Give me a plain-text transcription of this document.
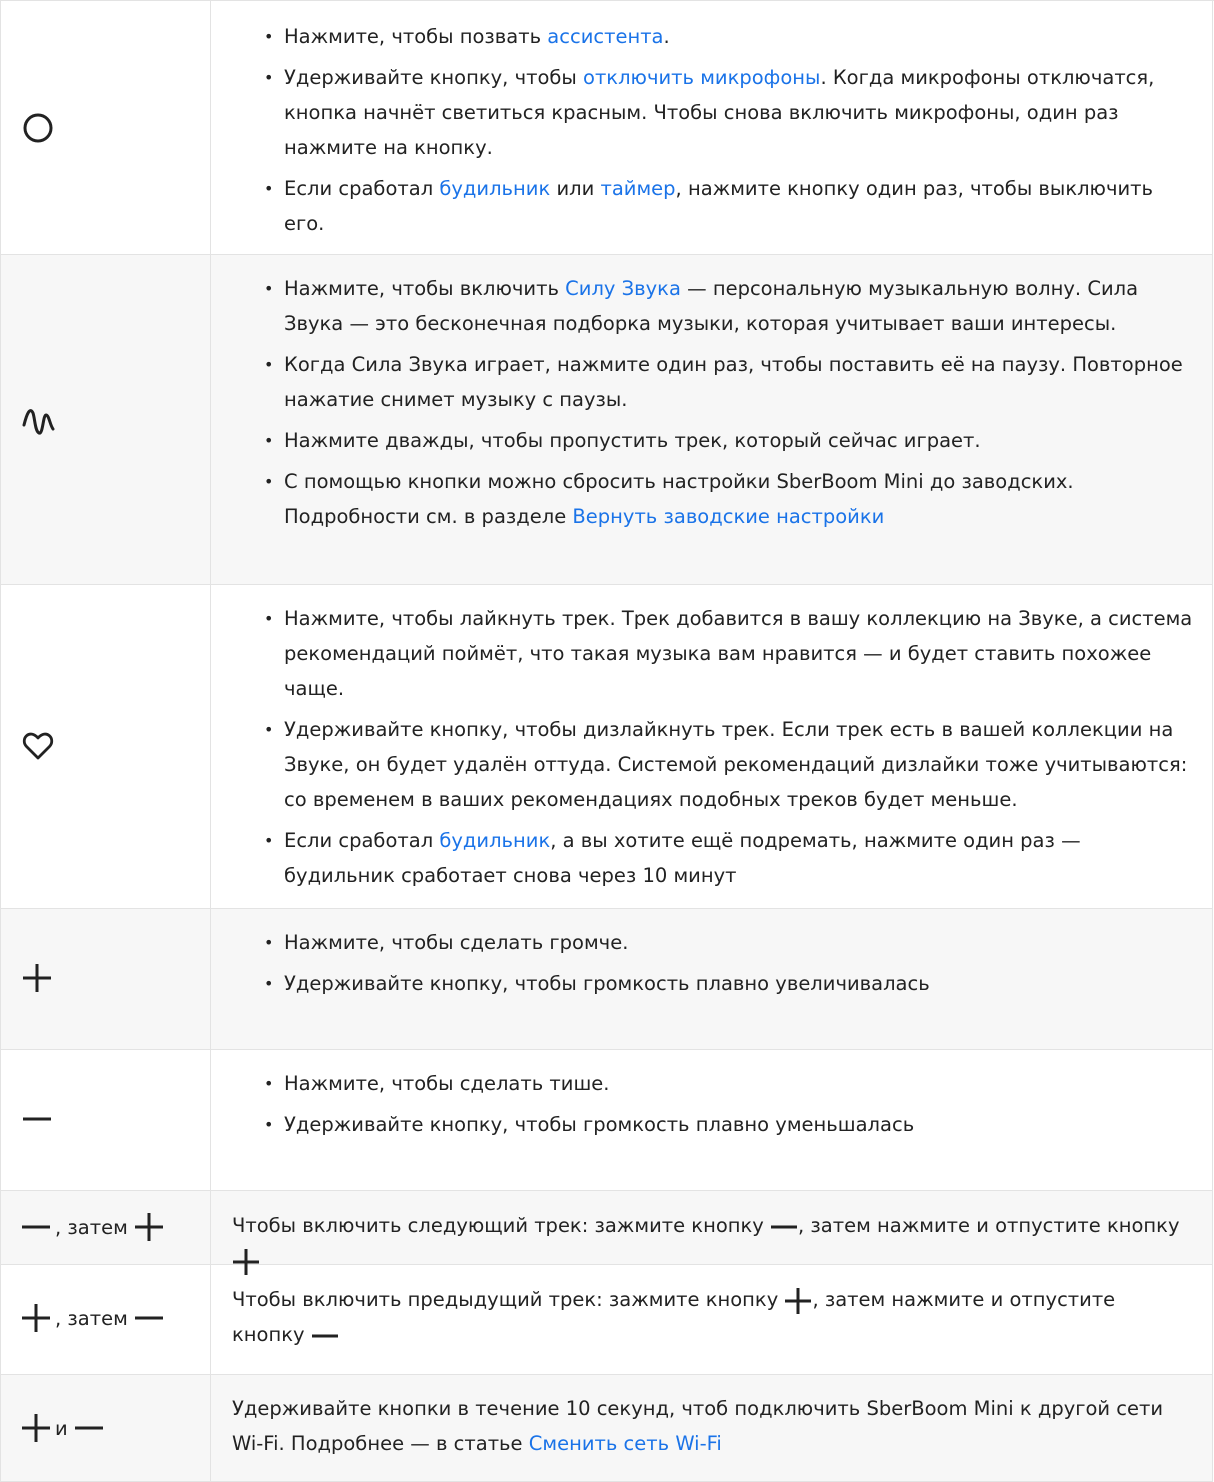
• Нажмите, чтобы позвать ассистента.
• Удерживайте кнопку, чтобы отключить микрофоны. Когда микрофоны отключатся, кнопка начнёт светиться красным. Чтобы снова включить микрофоны, один раз нажмите на кнопку.
• Если сработал будильник или таймер, нажмите кнопку один раз, чтобы выключить его.
• Нажмите, чтобы включить Силу Звука — персональную музыкальную волну. Сила Звука — это бесконечная подборка музыки, которая учитывает ваши интересы.
• Когда Сила Звука играет, нажмите один раз, чтобы поставить её на паузу. Повторное нажатие снимет музыку с паузы.
• Нажмите дважды, чтобы пропустить трек, который сейчас играет.
• С помощью кнопки можно сбросить настройки SberBoom Mini до заводских. Подробности см. в разделе Вернуть заводские настройки
• Нажмите, чтобы лайкнуть трек. Трек добавится в вашу коллекцию на Звуке, а система рекомендаций поймёт, что такая музыка вам нравится — и будет ставить похожее чаще.
• Удерживайте кнопку, чтобы дизлайкнуть трек. Если трек есть в вашей коллекции на Звуке, он будет удалён оттуда. Системой рекомендаций дизлайки тоже учитываются: со временем в ваших рекомендациях подобных треков будет меньше.
• Если сработал будильник, а вы хотите ещё подремать, нажмите один раз — будильник сработает снова через 10 минут
• Нажмите, чтобы сделать громче.
• Удерживайте кнопку, чтобы громкость плавно увеличивалась
• Нажмите, чтобы сделать тише.
• Удерживайте кнопку, чтобы громкость плавно уменьшалась
, затем	Чтобы включить следующий трек: зажмите кнопку , затем нажмите и отпустите кнопку
, затем
Чтобы включить предыдущий трек: зажмите кнопку , затем нажмите и отпустите кнопку
и
Удерживайте кнопки в течение 10 секунд, чтоб подключить SberBoom Mini к другой сети Wi-Fi. Подробнее — в статье Сменить сеть Wi-Fi
